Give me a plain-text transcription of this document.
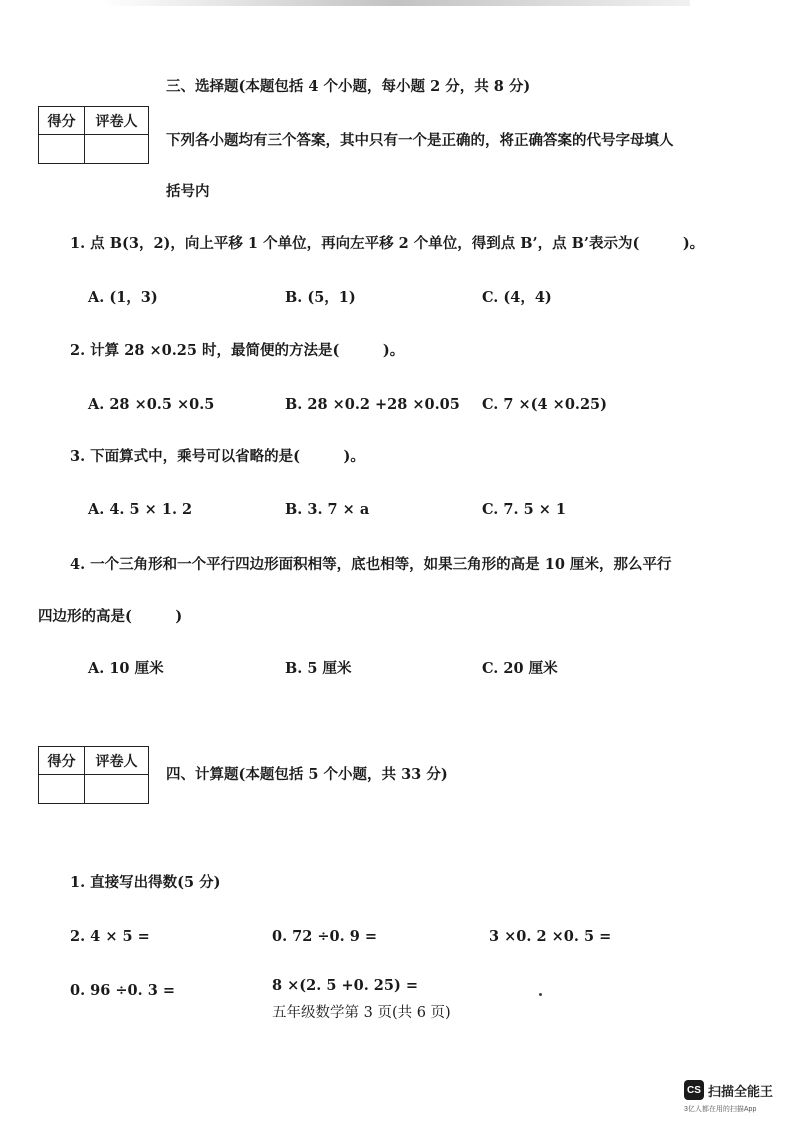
三、选择题(本题包括 4 个小题，每小题 2 分，共 8 分)
得分	评卷人
下列各小题均有三个答案，其中只有一个是正确的，将正确答案的代号字母填人
括号内
1. 点 B(3，2)，向上平移 1 个单位，再向左平移 2 个单位，得到点 B’，点 B’表示为(　　　)。
A. (1，3)	B. (5，1)	C. (4，4)
2. 计算 28 ×0.25 时，最简便的方法是(　　　)。
A. 28 ×0.5 ×0.5	B. 28 ×0.2 +28 ×0.05 C. 7 ×(4 ×0.25)
3. 下面算式中，乘号可以省略的是(　　　)。
A. 4. 5 × 1. 2	B. 3. 7 × a	C. 7. 5 × 1
4. 一个三角形和一个平行四边形面积相等，底也相等，如果三角形的高是 10 厘米，那么平行
四边形的高是(　　　)
A. 10 厘米	B. 5 厘米	C. 20 厘米
得分	评卷人
四、计算题(本题包括 5 个小题，共 33 分)
1. 直接写出得数(5 分)
2. 4 × 5 =	0. 72 ÷0. 9 =	3 ×0. 2 ×0. 5 =
0. 96 ÷0. 3 =	8 ×(2. 5 +0. 25) =
五年级数学第 3 页(共 6 页)
CS 扫描全能王
3亿人都在用的扫描App
